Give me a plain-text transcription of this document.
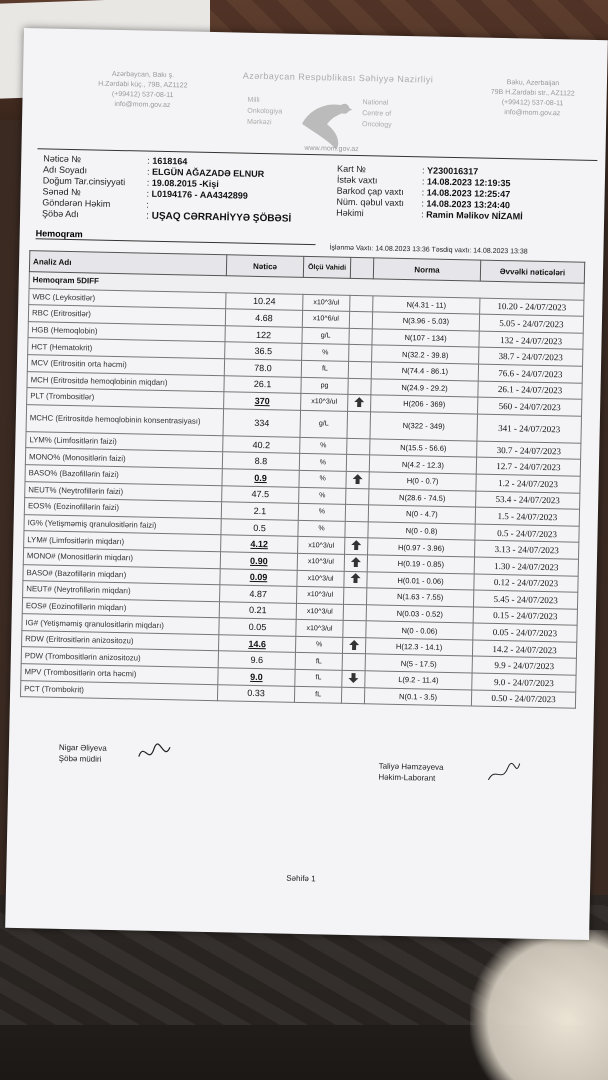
Azərbaycan, Bakı ş.
H.Zərdabi küç., 79B, AZ1122
(+99412) 537-08-11
info@mom.gov.az
Azərbaycan Respublikası Səhiyyə Nazirliyi
Milli
Onkologiya
Mərkəzi
National
Centre of
Oncology
www.mom.gov.az
Baku, Azerbaijan
79B H.Zardabi str., AZ1122
(+99412) 537-08-11
info@mom.gov.az
Nəticə №	: 1618164
Adı Soyadı	: ELGÜN AĞAZADƏ ELNUR
Doğum Tar.cinsiyyəti : 19.08.2015 -Kişi
Sənəd №	: L0194176 - AA4342899
Göndərən Həkim	:
Şöbə Adı	: UŞAQ CƏRRAHİYYƏ ŞÖBƏSİ
Kart №	: Y230016317
İstək vaxtı	: 14.08.2023 12:19:35
Barkod çap vaxtı : 14.08.2023 12:25:47
Nüm. qəbul vaxtı : 14.08.2023 13:24:40
Həkimi	: Ramin Məlikov NİZAMİ
Hemoqram
İşlənmə Vaxtı: 14.08.2023 13:36 Təsdiq vaxtı: 14.08.2023 13:38
Analiz Adı	Nəticə	Ölçü Vahidi		Norma	Əvvəlki nəticələri
Hemoqram 5DIFF					
WBC (Leykositlər)	10.24	x10^3/ul		N(4.31 - 11)	10.20 - 24/07/2023
RBC (Eritrositlər)	4.68	x10^6/ul		N(3.96 - 5.03)	5.05 - 24/07/2023
HGB (Hemoqlobin)	122	g/L		N(107 - 134)	132 - 24/07/2023
HCT (Hematokrit)	36.5	%		N(32.2 - 39.8)	38.7 - 24/07/2023
MCV (Eritrositin orta həcmi)	78.0	fL		N(74.4 - 86.1)	76.6 - 24/07/2023
MCH (Eritrositdə hemoqlobinin miqdarı)	26.1	pg		N(24.9 - 29.2)	26.1 - 24/07/2023
PLT (Trombositlər)	370	x10^3/ul		H(206 - 369)	560 - 24/07/2023
MCHC (Eritrositdə hemoqlobinin konsentrasiyası)	334	g/L		N(322 - 349)	341 - 24/07/2023
LYM% (Limfositlərin faizi)	40.2	%		N(15.5 - 56.6)	30.7 - 24/07/2023
MONO% (Monositlərin faizi)	8.8	%		N(4.2 - 12.3)	12.7 - 24/07/2023
BASO% (Bazofillərin faizi)	0.9	%		H(0 - 0.7)	1.2 - 24/07/2023
NEUT% (Neytrofillərin faizi)	47.5	%		N(28.6 - 74.5)	53.4 - 24/07/2023
EOS% (Eozinofillərin faizi)	2.1	%		N(0 - 4.7)	1.5 - 24/07/2023
IG% (Yetişməmiş qranulositlərin faizi)	0.5	%		N(0 - 0.8)	0.5 - 24/07/2023
LYM# (Limfositlərin miqdarı)	4.12	x10^3/ul		H(0.97 - 3.96)	3.13 - 24/07/2023
MONO# (Monositlərin miqdarı)	0.90	x10^3/ul		H(0.19 - 0.85)	1.30 - 24/07/2023
BASO# (Bazofillərin miqdarı)	0.09	x10^3/ul		H(0.01 - 0.06)	0.12 - 24/07/2023
NEUT# (Neytrofillərin miqdarı)	4.87	x10^3/ul		N(1.63 - 7.55)	5.45 - 24/07/2023
EOS# (Eozinofillərin miqdarı)	0.21	x10^3/ul		N(0.03 - 0.52)	0.15 - 24/07/2023
IG# (Yetişməmiş qranulositlərin miqdarı)	0.05	x10^3/ul		N(0 - 0.06)	0.05 - 24/07/2023
RDW (Eritrositlərin anizositozu)	14.6	%		H(12.3 - 14.1)	14.2 - 24/07/2023
PDW (Trombositlərin anizositozu)	9.6	fL		N(5 - 17.5)	9.9 - 24/07/2023
MPV (Trombositlərin orta həcmi)	9.0	fL		L(9.2 - 11.4)	9.0 - 24/07/2023
PCT (Trombokrit)	0.33	fL		N(0.1 - 3.5)	0.50 - 24/07/2023
Nigar Əliyeva
Şöbə müdiri
Taliyə Həmzəyeva
Həkim-Laborant
Səhifə 1
